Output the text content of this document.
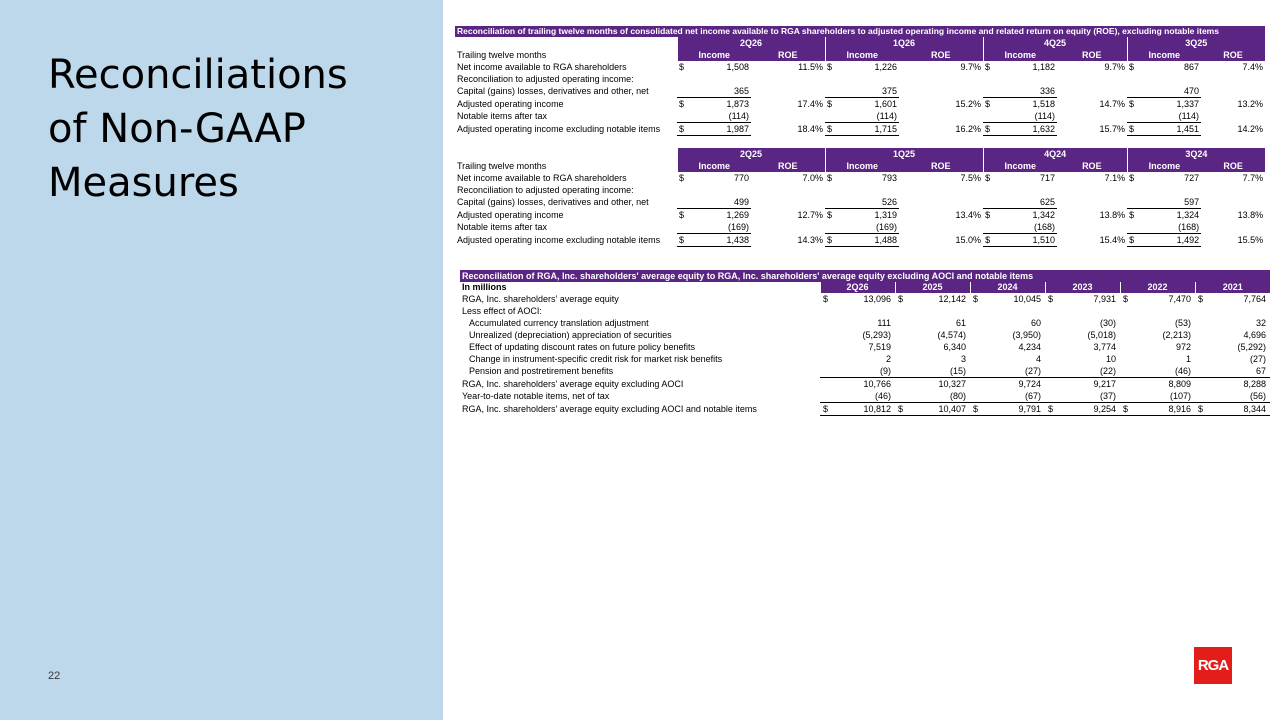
Reconciliations
of Non-GAAP
Measures
22
RGA
Reconciliation of trailing twelve months of consolidated net income available to RGA shareholders to adjusted operating income and related return on equity (ROE), excluding notable items												
	2Q26			1Q26			4Q25			3Q25		
Trailing twelve months	Income		ROE	Income		ROE	Income		ROE	Income		ROE
Net income available to RGA shareholders	$	1,508	11.5%	$	1,226	9.7%	$	1,182	9.7%	$	867	7.4%
Reconciliation to adjusted operating income:												
Capital (gains) losses, derivatives and other, net		365			375			336			470	
Adjusted operating income	$	1,873	17.4%	$	1,601	15.2%	$	1,518	14.7%	$	1,337	13.2%
Notable items after tax		(114)			(114)			(114)			(114)	
Adjusted operating income excluding notable items	$	1,987	18.4%	$	1,715	16.2%	$	1,632	15.7%	$	1,451	14.2%
	2Q25			1Q25			4Q24			3Q24		
Trailing twelve months	Income		ROE	Income		ROE	Income		ROE	Income		ROE
Net income available to RGA shareholders	$	770	7.0%	$	793	7.5%	$	717	7.1%	$	727	7.7%
Reconciliation to adjusted operating income:												
Capital (gains) losses, derivatives and other, net		499			526			625			597	
Adjusted operating income	$	1,269	12.7%	$	1,319	13.4%	$	1,342	13.8%	$	1,324	13.8%
Notable items after tax		(169)			(169)			(168)			(168)	
Adjusted operating income excluding notable items	$	1,438	14.3%	$	1,488	15.0%	$	1,510	15.4%	$	1,492	15.5%
Reconciliation of RGA, Inc. shareholders' average equity to RGA, Inc. shareholders' average equity excluding AOCI and notable items												
In millions	2Q26		2025		2024		2023		2022		2021	
RGA, Inc. shareholders' average equity	$	13,096	$	12,142	$	10,045	$	7,931	$	7,470	$	7,764
Less effect of AOCI:												
Accumulated currency translation adjustment		111		61		60		(30)		(53)		32
Unrealized (depreciation) appreciation of securities		(5,293)		(4,574)		(3,950)		(5,018)		(2,213)		4,696
Effect of updating discount rates on future policy benefits		7,519		6,340		4,234		3,774		972		(5,292)
Change in instrument-specific credit risk for market risk benefits		2		3		4		10		1		(27)
Pension and postretirement benefits		(9)		(15)		(27)		(22)		(46)		67
RGA, Inc. shareholders' average equity excluding AOCI		10,766		10,327		9,724		9,217		8,809		8,288
Year-to-date notable items, net of tax		(46)		(80)		(67)		(37)		(107)		(56)
RGA, Inc. shareholders' average equity excluding AOCI and notable items	$	10,812	$	10,407	$	9,791	$	9,254	$	8,916	$	8,344
